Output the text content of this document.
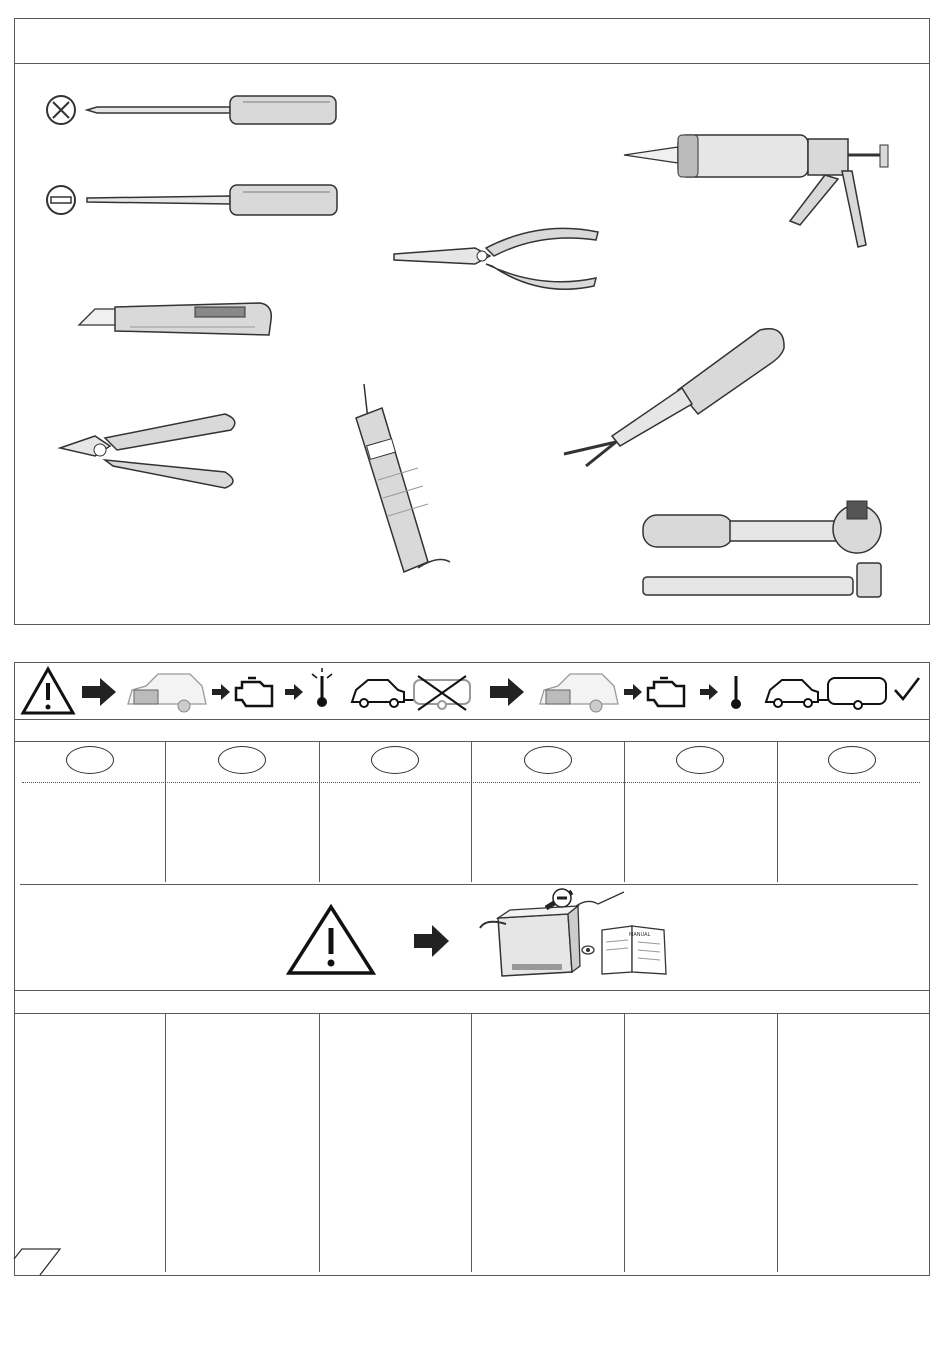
MANUAL
